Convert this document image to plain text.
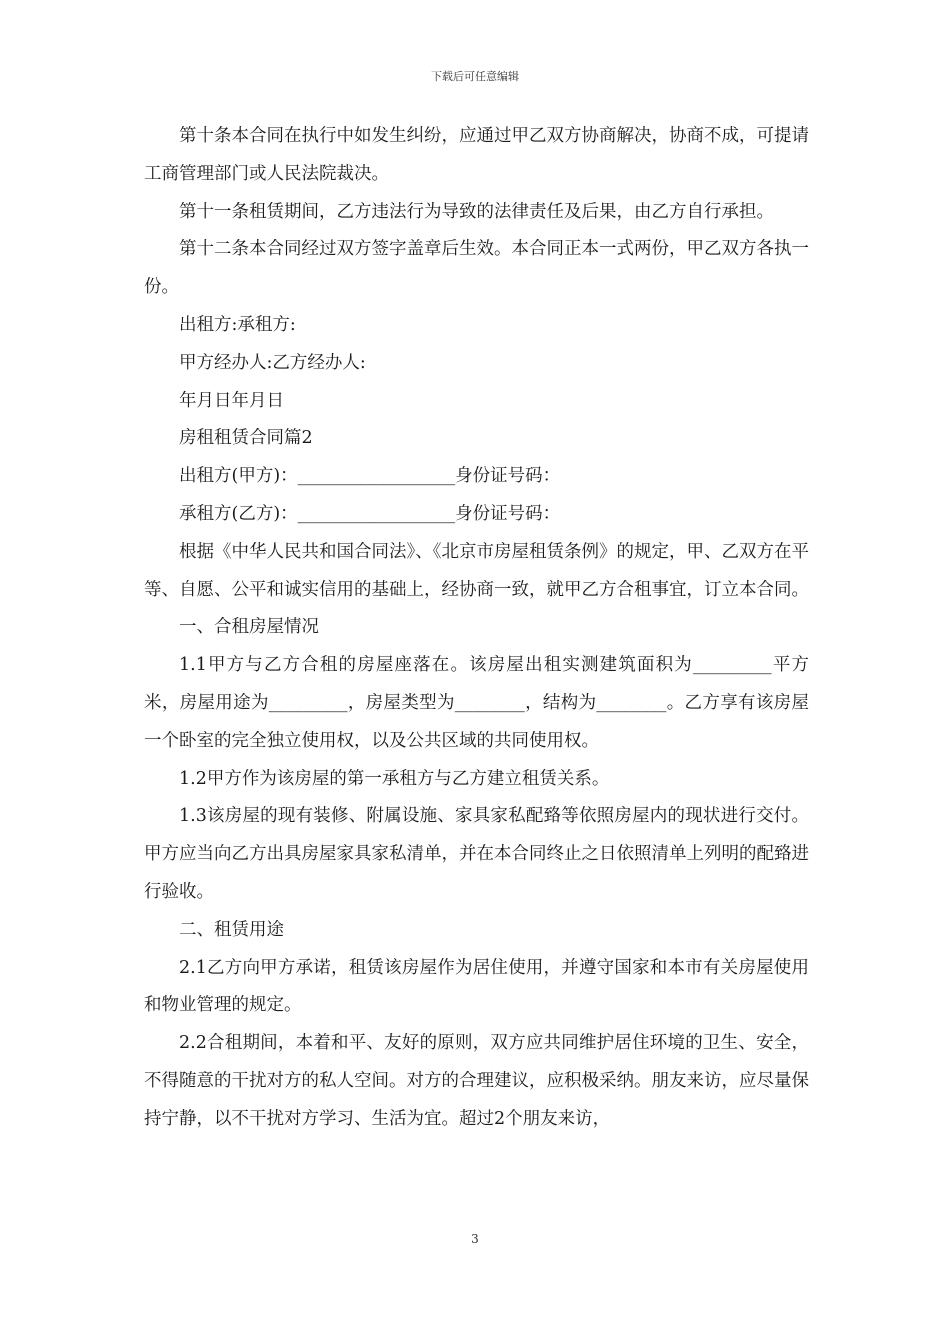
下载后可任意编辑

第十条本合同在执行中如发生纠纷，应通过甲乙双方协商解决，协商不成，可提请工商管理部门或人民法院裁决。

第十一条租赁期间，乙方违法行为导致的法律责任及后果，由乙方自行承担。

第十二条本合同经过双方签字盖章后生效。本合同正本一式两份，甲乙双方各执一份。

出租方:承租方:

甲方经办人:乙方经办人:

年月日年月日

房租租赁合同篇2

出租方(甲方)：__________________身份证号码：

承租方(乙方)：__________________身份证号码：

根据《中华人民共和国合同法》、《北京市房屋租赁条例》的规定，甲、乙双方在平等、自愿、公平和诚实信用的基础上，经协商一致，就甲乙方合租事宜，订立本合同。

一、合租房屋情况

1.1甲方与乙方合租的房屋座落在。该房屋出租实测建筑面积为_________平方米，房屋用途为_________，房屋类型为________，结构为________。乙方享有该房屋一个卧室的完全独立使用权，以及公共区域的共同使用权。

1.2甲方作为该房屋的第一承租方与乙方建立租赁关系。

1.3该房屋的现有装修、附属设施、家具家私配臵等依照房屋内的现状进行交付。甲方应当向乙方出具房屋家具家私清单，并在本合同终止之日依照清单上列明的配臵进行验收。

二、租赁用途

2.1乙方向甲方承诺，租赁该房屋作为居住使用，并遵守国家和本市有关房屋使用和物业管理的规定。

2.2合租期间，本着和平、友好的原则，双方应共同维护居住环境的卫生、安全，不得随意的干扰对方的私人空间。对方的合理建议，应积极采纳。朋友来访，应尽量保持宁静，以不干扰对方学习、生活为宜。超过2个朋友来访，

3
